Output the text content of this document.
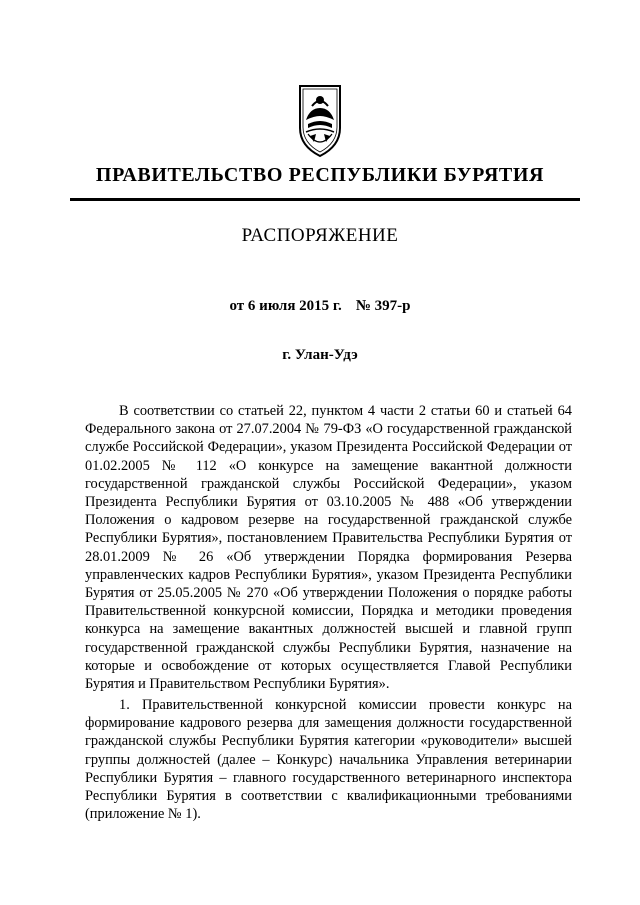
ПРАВИТЕЛЬСТВО РЕСПУБЛИКИ БУРЯТИЯ
РАСПОРЯЖЕНИЕ
от 6 июля 2015 г. № 397-р
г. Улан-Удэ

В соответствии со статьей 22, пунктом 4 части 2 статьи 60 и статьей 64 Федерального закона от 27.07.2004 № 79-ФЗ «О государственной гражданской службе Российской Федерации», указом Президента Российской Федерации от 01.02.2005 № 112 «О конкурсе на замещение вакантной должности государственной гражданской службы Российской Федерации», указом Президента Республики Бурятия от 03.10.2005 № 488 «Об утверждении Положения о кадровом резерве на государственной гражданской службе Республики Бурятия», постановлением Правительства Республики Бурятия от 28.01.2009 № 26 «Об утверждении Порядка формирования Резерва управленческих кадров Республики Бурятия», указом Президента Республики Бурятия от 25.05.2005 № 270 «Об утверждении Положения о порядке работы Правительственной конкурсной комиссии, Порядка и методики проведения конкурса на замещение вакантных должностей высшей и главной групп государственной гражданской службы Республики Бурятия, назначение на которые и освобождение от которых осуществляется Главой Республики Бурятия и Правительством Республики Бурятия».

1. Правительственной конкурсной комиссии провести конкурс на формирование кадрового резерва для замещения должности государственной гражданской службы Республики Бурятия категории «руководители» высшей группы должностей (далее – Конкурс) начальника Управления ветеринарии Республики Бурятия – главного государственного ветеринарного инспектора Республики Бурятия в соответствии с квалификационными требованиями (приложение № 1).
